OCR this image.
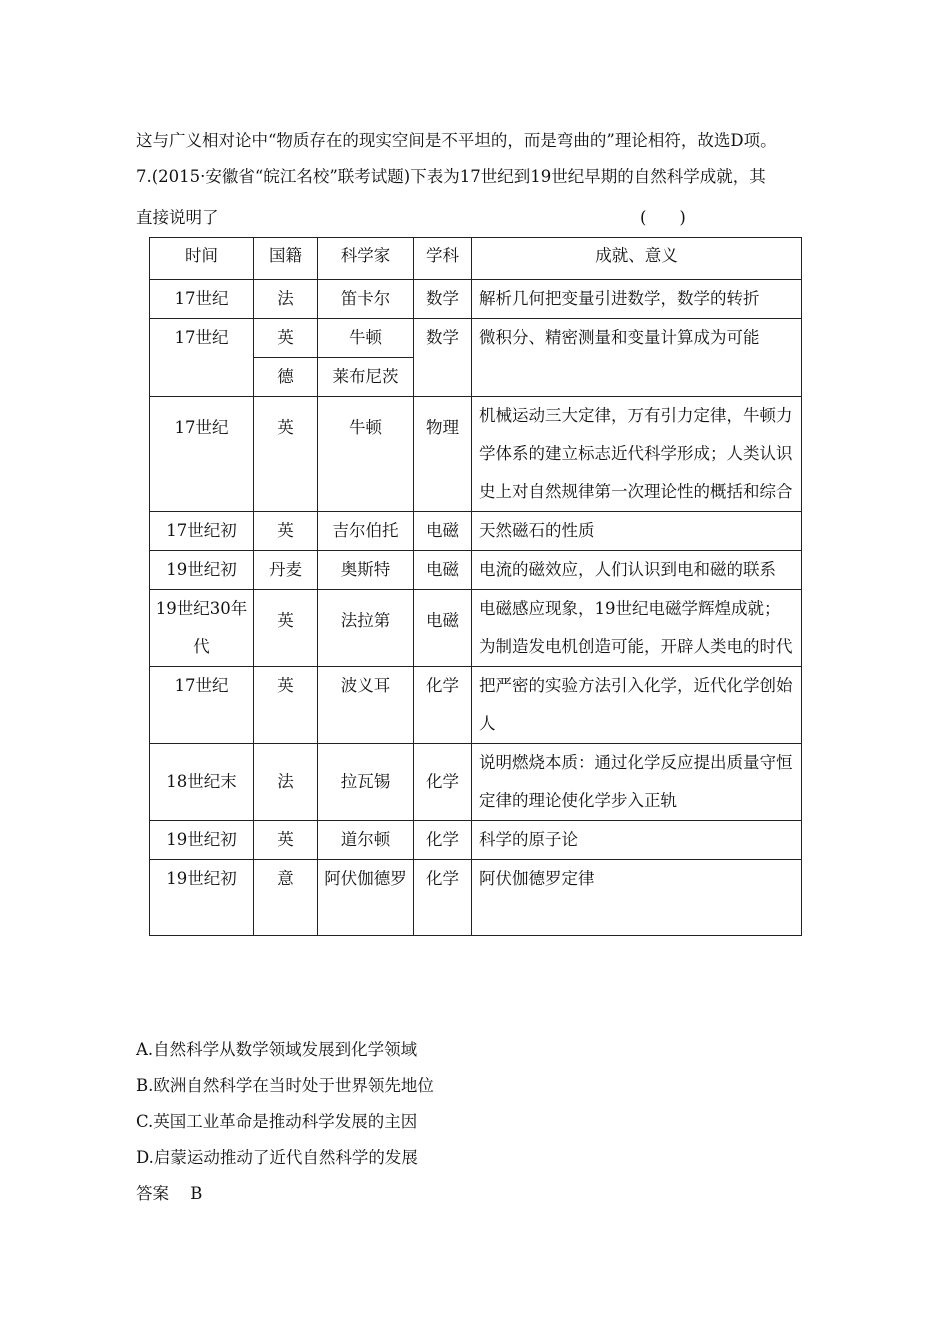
这与广义相对论中“物质存在的现实空间是不平坦的，而是弯曲的”理论相符，故选D项。
7.(2015·安徽省“皖江名校”联考试题)下表为17世纪到19世纪早期的自然科学成就，其
直接说明了	(　　)
时间	国籍	科学家	学科	成就、意义
17世纪	法	笛卡尔	数学	解析几何把变量引进数学，数学的转折
17世纪	英	牛顿	数学	微积分、精密测量和变量计算成为可能
	德	莱布尼茨		
17世纪	英	牛顿	物理	机械运动三大定律，万有引力定律，牛顿力学体系的建立标志近代科学形成；人类认识史上对自然规律第一次理论性的概括和综合
17世纪初	英	吉尔伯托	电磁	天然磁石的性质
19世纪初	丹麦	奥斯特	电磁	电流的磁效应，人们认识到电和磁的联系
19世纪30年代	英	法拉第	电磁	电磁感应现象，19世纪电磁学辉煌成就；为制造发电机创造可能，开辟人类电的时代
17世纪	英	波义耳	化学	把严密的实验方法引入化学，近代化学创始人
18世纪末	法	拉瓦锡	化学	说明燃烧本质：通过化学反应提出质量守恒定律的理论使化学步入正轨
19世纪初	英	道尔顿	化学	科学的原子论
19世纪初	意	阿伏伽德罗	化学	阿伏伽德罗定律
A.自然科学从数学领域发展到化学领域
B.欧洲自然科学在当时处于世界领先地位
C.英国工业革命是推动科学发展的主因
D.启蒙运动推动了近代自然科学的发展
答案 B
